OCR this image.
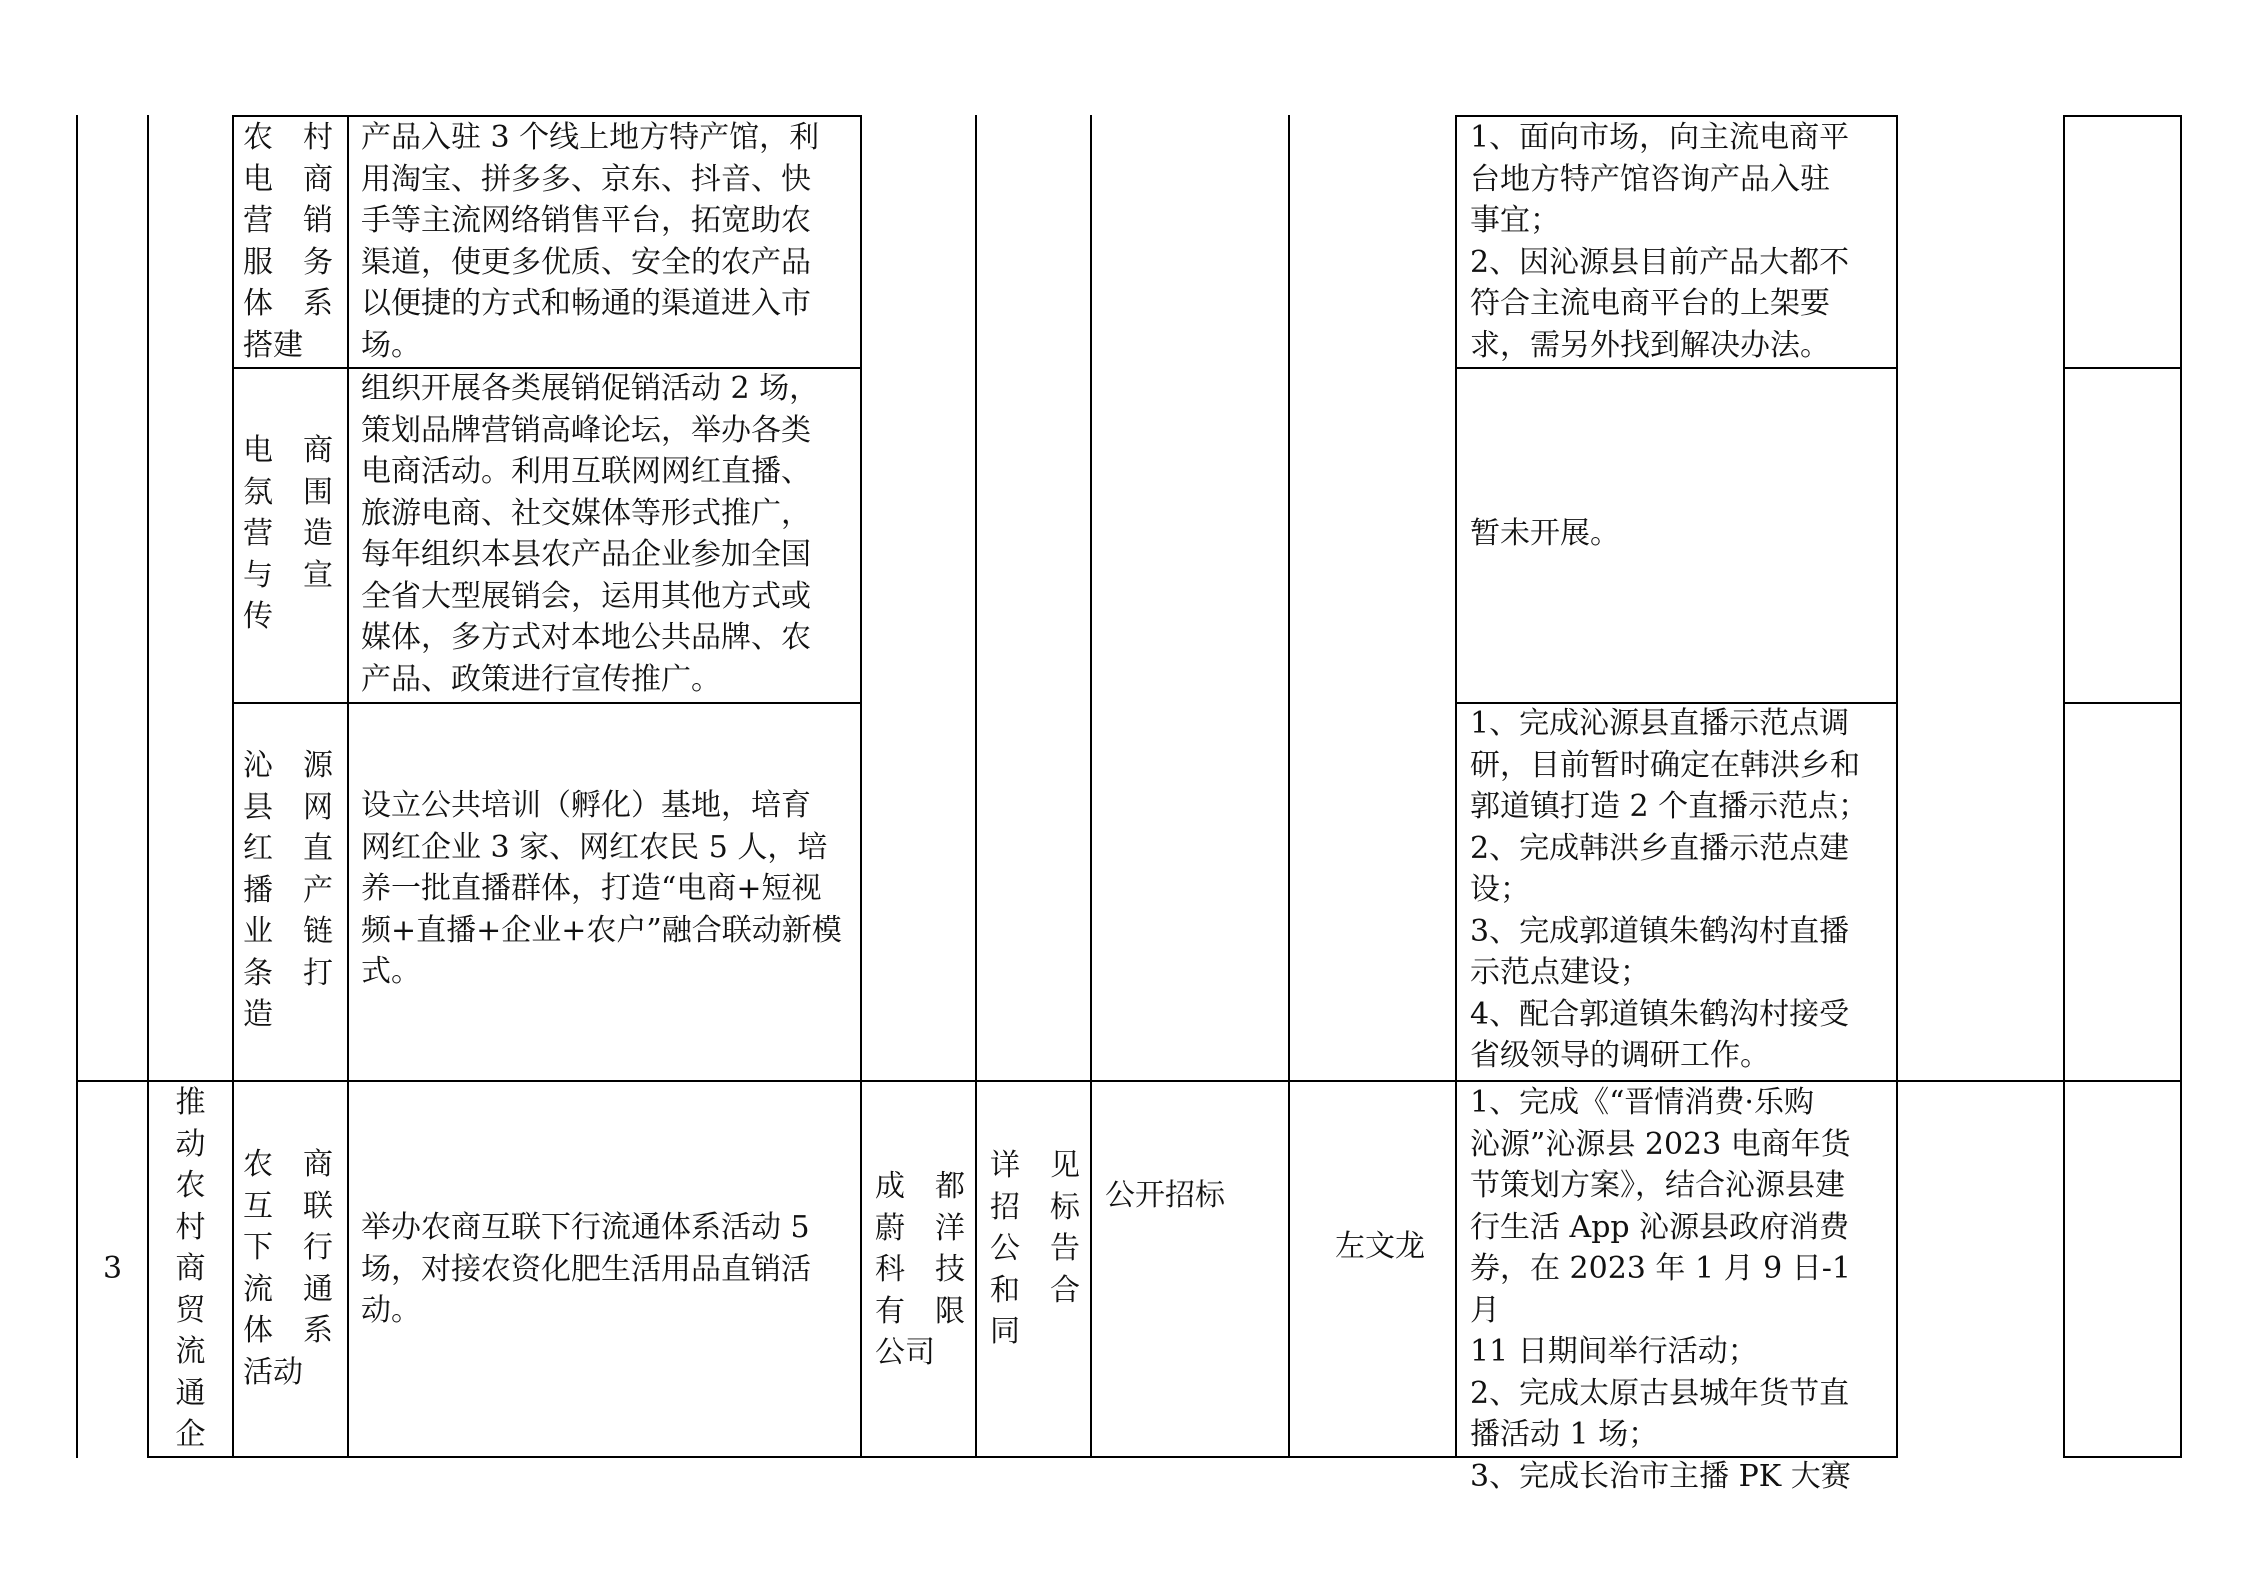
农　村
电　商
营　销
服　务
体　系
搭建
产品入驻 3 个线上地方特产馆，利
用淘宝、拼多多、京东、抖音、快
手等主流网络销售平台，拓宽助农
渠道，使更多优质、安全的农产品
以便捷的方式和畅通的渠道进入市
场。
1、面向市场，向主流电商平
台地方特产馆咨询产品入驻
事宜；
2、因沁源县目前产品大都不
符合主流电商平台的上架要
求，需另外找到解决办法。
电　商
氛　围
营　造
与　宣
传
组织开展各类展销促销活动 2 场，
策划品牌营销高峰论坛，举办各类
电商活动。利用互联网网红直播、
旅游电商、社交媒体等形式推广，
每年组织本县农产品企业参加全国
全省大型展销会，运用其他方式或
媒体，多方式对本地公共品牌、农
产品、政策进行宣传推广。
暂未开展。
沁　源
县　网
红　直
播　产
业　链
条　打
造
设立公共培训（孵化）基地，培育
网红企业 3 家、网红农民 5 人，培
养一批直播群体，打造“电商+短视
频+直播+企业+农户”融合联动新模
式。
1、完成沁源县直播示范点调
研，目前暂时确定在韩洪乡和
郭道镇打造 2 个直播示范点；
2、完成韩洪乡直播示范点建
设；
3、完成郭道镇朱鹤沟村直播
示范点建设；
4、配合郭道镇朱鹤沟村接受
省级领导的调研工作。
3
推
动
农
村
商
贸
流
通
企
农　商
互　联
下　行
流　通
体　系
活动
举办农商互联下行流通体系活动 5
场，对接农资化肥生活用品直销活
动。
成　都
蔚　洋
科　技
有　限
公司
详　见
招　标
公　告
和　合
同
公开招标
左文龙
1、完成《“晋情消费·乐购
沁源”沁源县 2023 电商年货
节策划方案》，结合沁源县建
行生活 App 沁源县政府消费
券，在 2023 年 1 月 9 日-1 月
11 日期间举行活动；
2、完成太原古县城年货节直
播活动 1 场；
3、完成长治市主播 PK 大赛
